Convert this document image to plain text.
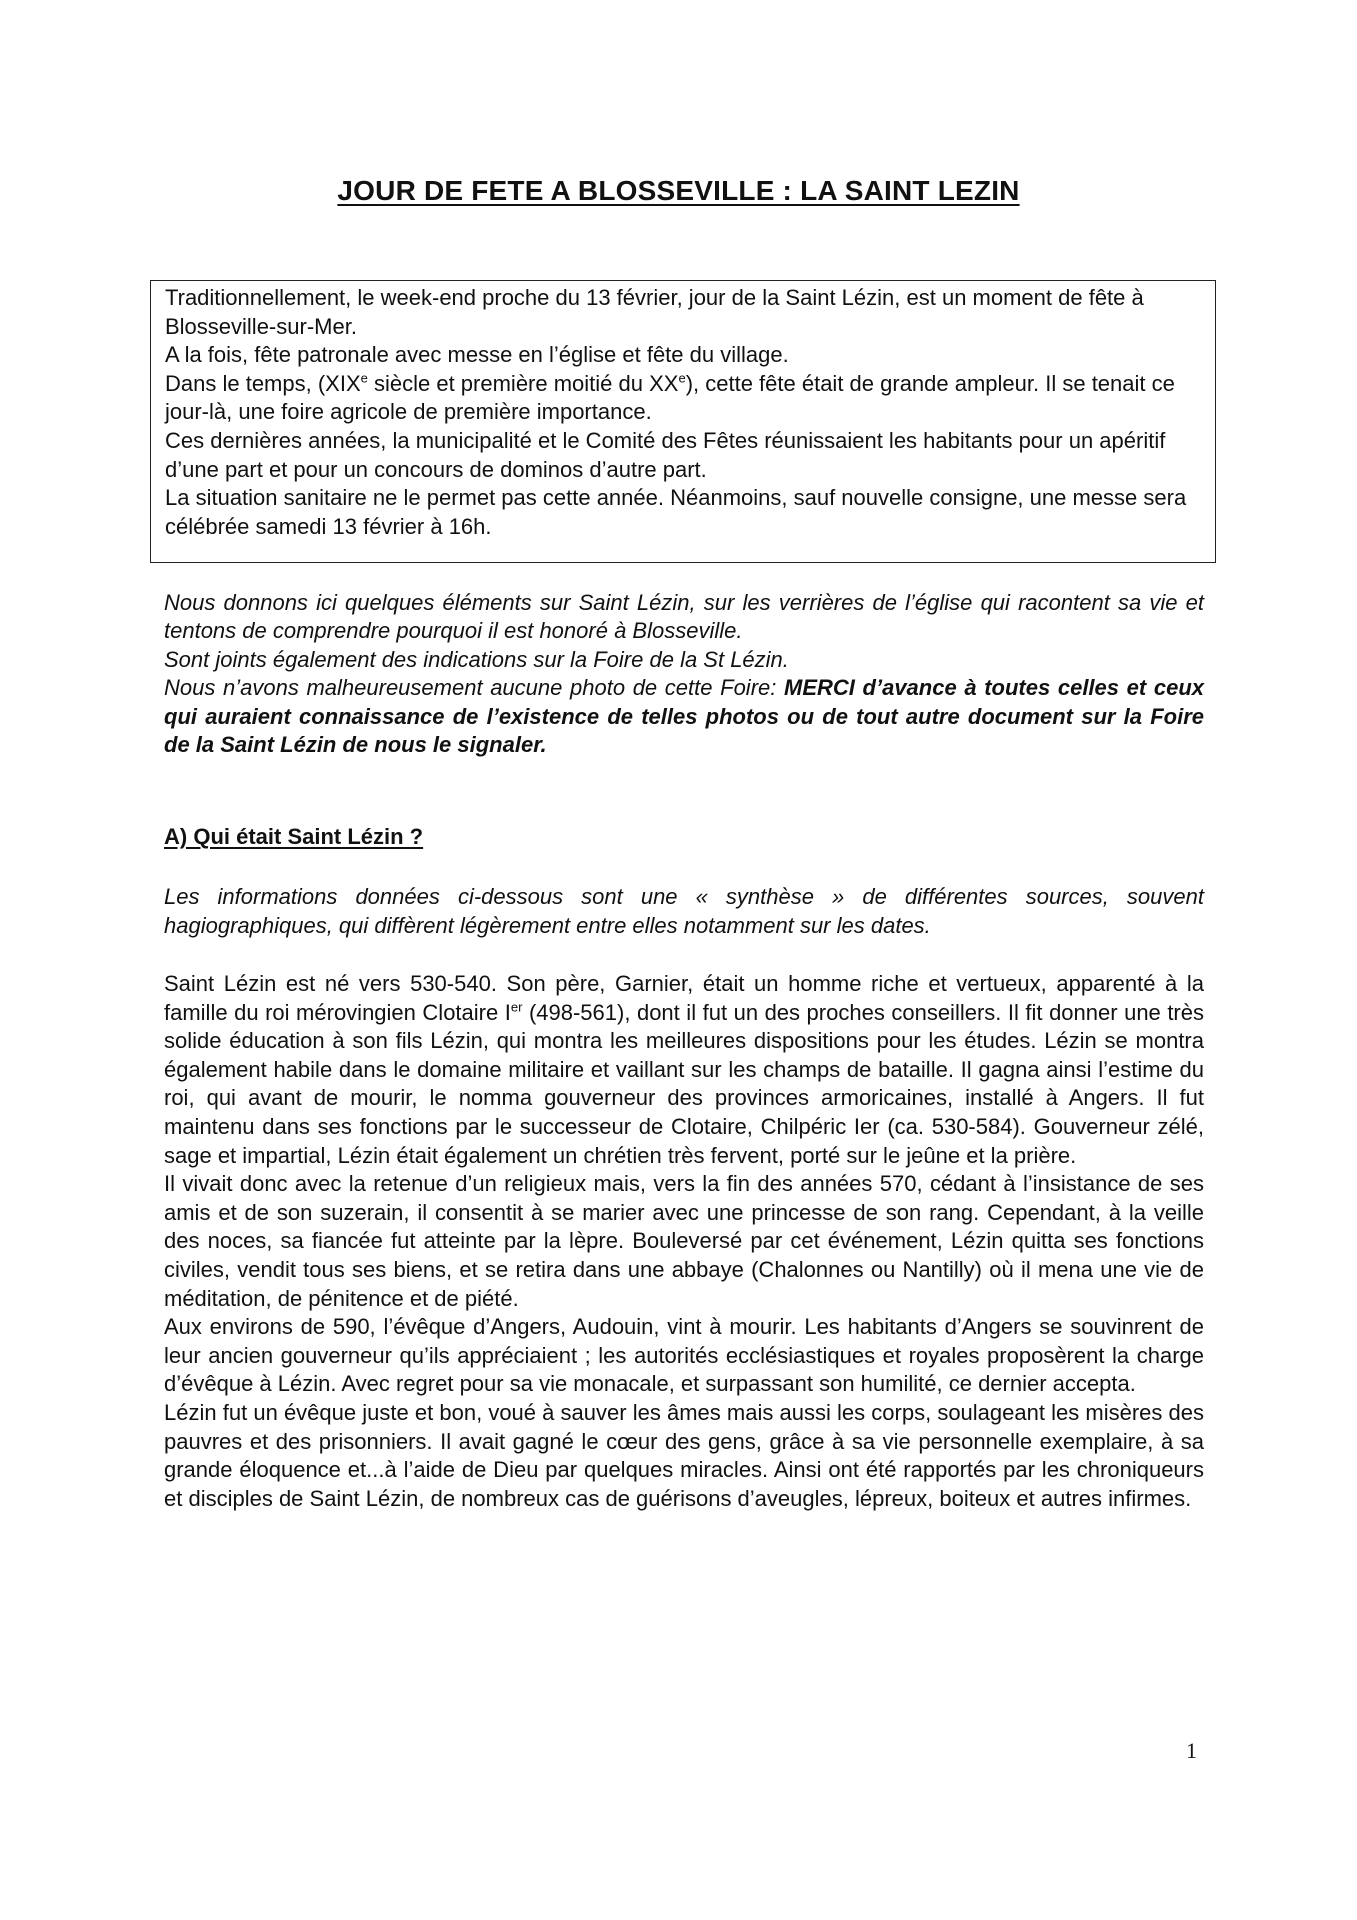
JOUR DE FETE A BLOSSEVILLE : LA SAINT LEZIN

Traditionnellement, le week-end proche du 13 février, jour de la Saint Lézin, est un moment de fête à Blosseville-sur-Mer.

A la fois, fête patronale avec messe en l’église et fête du village.

Dans le temps, (XIXe siècle et première moitié du XXe), cette fête était de grande ampleur. Il se tenait ce jour-là, une foire agricole de première importance.

Ces dernières années, la municipalité et le Comité des Fêtes réunissaient les habitants pour un apéritif d’une part et pour un concours de dominos d’autre part.

La situation sanitaire ne le permet pas cette année. Néanmoins, sauf nouvelle consigne, une messe sera célébrée samedi 13 février à 16h.

Nous donnons ici quelques éléments sur Saint Lézin, sur les verrières de l’église qui racontent sa vie et tentons de comprendre pourquoi il est honoré à Blosseville.
Sont joints également des indications sur la Foire de la St Lézin.
Nous n’avons malheureusement aucune photo de cette Foire: MERCI d’avance à toutes celles et ceux qui auraient connaissance de l’existence de telles photos ou de tout autre document sur la Foire de la Saint Lézin de nous le signaler.
A) Qui était Saint Lézin ?

Les informations données ci-dessous sont une « synthèse » de différentes sources, souvent hagiographiques, qui diffèrent légèrement entre elles notamment sur les dates.

Saint Lézin est né vers 530-540. Son père, Garnier, était un homme riche et vertueux, apparenté à la famille du roi mérovingien Clotaire Ier (498-561), dont il fut un des proches conseillers. Il fit donner une très solide éducation à son fils Lézin, qui montra les meilleures dispositions pour les études. Lézin se montra également habile dans le domaine militaire et vaillant sur les champs de bataille. Il gagna ainsi l’estime du roi, qui avant de mourir, le nomma gouverneur des provinces armoricaines, installé à Angers. Il fut maintenu dans ses fonctions par le successeur de Clotaire, Chilpéric Ier (ca. 530-584). Gouverneur zélé, sage et impartial, Lézin était également un chrétien très fervent, porté sur le jeûne et la prière.

Il vivait donc avec la retenue d’un religieux mais, vers la fin des années 570, cédant à l’insistance de ses amis et de son suzerain, il consentit à se marier avec une princesse de son rang. Cependant, à la veille des noces, sa fiancée fut atteinte par la lèpre. Bouleversé par cet événement, Lézin quitta ses fonctions civiles, vendit tous ses biens, et se retira dans une abbaye (Chalonnes ou Nantilly) où il mena une vie de méditation, de pénitence et de piété.

Aux environs de 590, l’évêque d’Angers, Audouin, vint à mourir. Les habitants d’Angers se souvinrent de leur ancien gouverneur qu’ils appréciaient ; les autorités ecclésiastiques et royales proposèrent la charge d’évêque à Lézin. Avec regret pour sa vie monacale, et surpassant son humilité, ce dernier accepta.

Lézin fut un évêque juste et bon, voué à sauver les âmes mais aussi les corps, soulageant les misères des pauvres et des prisonniers. Il avait gagné le cœur des gens, grâce à sa vie personnelle exemplaire, à sa grande éloquence et...à l’aide de Dieu par quelques miracles. Ainsi ont été rapportés par les chroniqueurs et disciples de Saint Lézin, de nombreux cas de guérisons d’aveugles, lépreux, boiteux et autres infirmes.

1
